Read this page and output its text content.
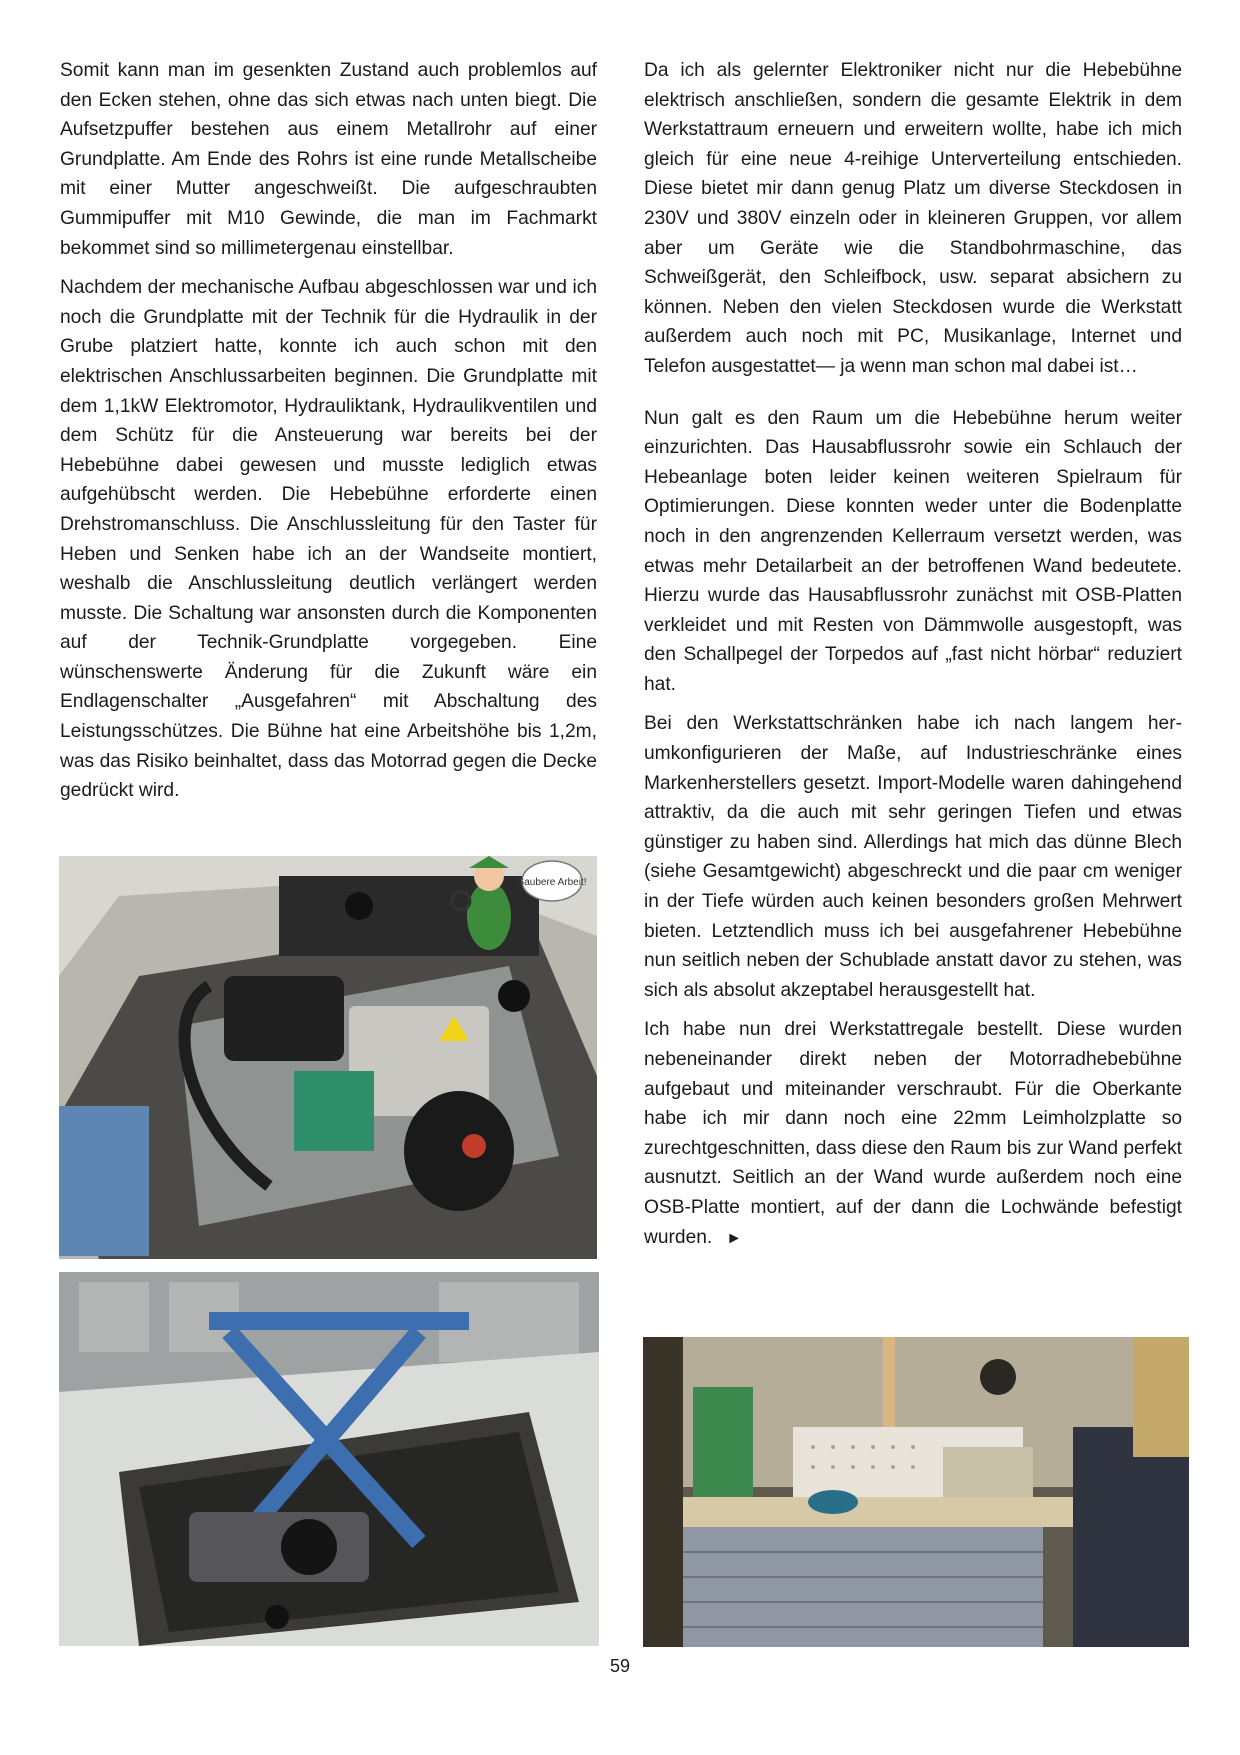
Somit kann man im gesenkten Zustand auch problemlos auf den Ecken stehen, ohne das sich etwas nach unten biegt. Die Aufsetzpuffer bestehen aus einem Metallrohr auf einer Grundplatte. Am Ende des Rohrs ist eine runde Metallscheibe mit einer Mutter angeschweißt. Die aufgeschraubten Gummipuffer mit M10 Gewinde, die man im Fachmarkt bekommet sind so millimetergenau einstellbar.

Nachdem der mechanische Aufbau abgeschlossen war und ich noch die Grundplatte mit der Technik für die Hydraulik in der Grube platziert hatte, konnte ich auch schon mit den elektrischen Anschlussarbeiten beginnen. Die Grundplatte mit dem 1,1kW Elektromotor, Hydrauliktank, Hydraulikventilen und dem Schütz für die Ansteuerung war bereits bei der Hebebühne dabei gewesen und musste lediglich etwas aufgehübscht werden. Die Hebebühne erforderte einen Drehstromanschluss. Die Anschlussleitung für den Taster für Heben und Senken habe ich an der Wandseite montiert, weshalb die Anschlussleitung deutlich verlängert werden musste. Die Schaltung war ansonsten durch die Komponenten auf der Technik-Grundplatte vorgegeben. Eine wünschenswerte Änderung für die Zukunft wäre ein Endlagenschalter „Ausgefahren“ mit Abschaltung des Leistungsschützes. Die Bühne hat eine Arbeitshöhe bis 1,2m, was das Risiko beinhaltet, dass das Motorrad gegen die Decke gedrückt wird.

Da ich als gelernter Elektroniker nicht nur die Hebebühne elektrisch anschließen, sondern die gesamte Elektrik in dem Werkstattraum erneuern und erweitern wollte, habe ich mich gleich für eine neue 4-reihige Unterverteilung entschieden. Diese bietet mir dann genug Platz um diverse Steckdosen in 230V und 380V einzeln oder in kleineren Gruppen, vor allem aber um Geräte wie die Standbohrmaschine, das Schweißgerät, den Schleifbock, usw. separat absichern zu können. Neben den vielen Steckdosen wurde die Werkstatt außerdem auch noch mit PC, Musikanlage, Internet und Telefon ausgestattet— ja wenn man schon mal dabei ist…

Nun galt es den Raum um die Hebebühne herum weiter einzurichten. Das Hausabflussrohr sowie ein Schlauch der Hebeanlage boten leider keinen weiteren Spielraum für Optimierungen. Diese konnten weder unter die Bodenplatte noch in den angrenzenden Kellerraum versetzt werden, was etwas mehr Detailarbeit an der betroffenen Wand bedeutete. Hierzu wurde das Hausabflussrohr zunächst mit OSB-Platten verkleidet und mit Resten von Dämmwolle ausgestopft, was den Schallpegel der Torpedos auf „fast nicht hörbar“ reduziert hat.

Bei den Werkstattschränken habe ich nach langem herumkonfigurieren der Maße, auf Industrieschränke eines Markenherstellers gesetzt. Import-Modelle waren dahingehend attraktiv, da die auch mit sehr geringen Tiefen und etwas günstiger zu haben sind. Allerdings hat mich das dünne Blech (siehe Gesamtgewicht) abgeschreckt und die paar cm weniger in der Tiefe würden auch keinen besonders großen Mehrwert bieten. Letztendlich muss ich bei ausgefahrener Hebebühne nun seitlich neben der Schublade anstatt davor zu stehen, was sich als absolut akzeptabel herausgestellt hat.

Ich habe nun drei Werkstattregale bestellt. Diese wurden nebeneinander direkt neben der Motorradhebebühne aufgebaut und miteinander verschraubt. Für die Oberkante habe ich mir dann noch eine 22mm Leimholzplatte so zurechtgeschnitten, dass diese den Raum bis zur Wand perfekt ausnutzt. Seitlich an der Wand wurde außerdem noch eine OSB-Platte montiert, auf der dann die Lochwände befestigt wurden. ►

Saubere Arbeit!
59
